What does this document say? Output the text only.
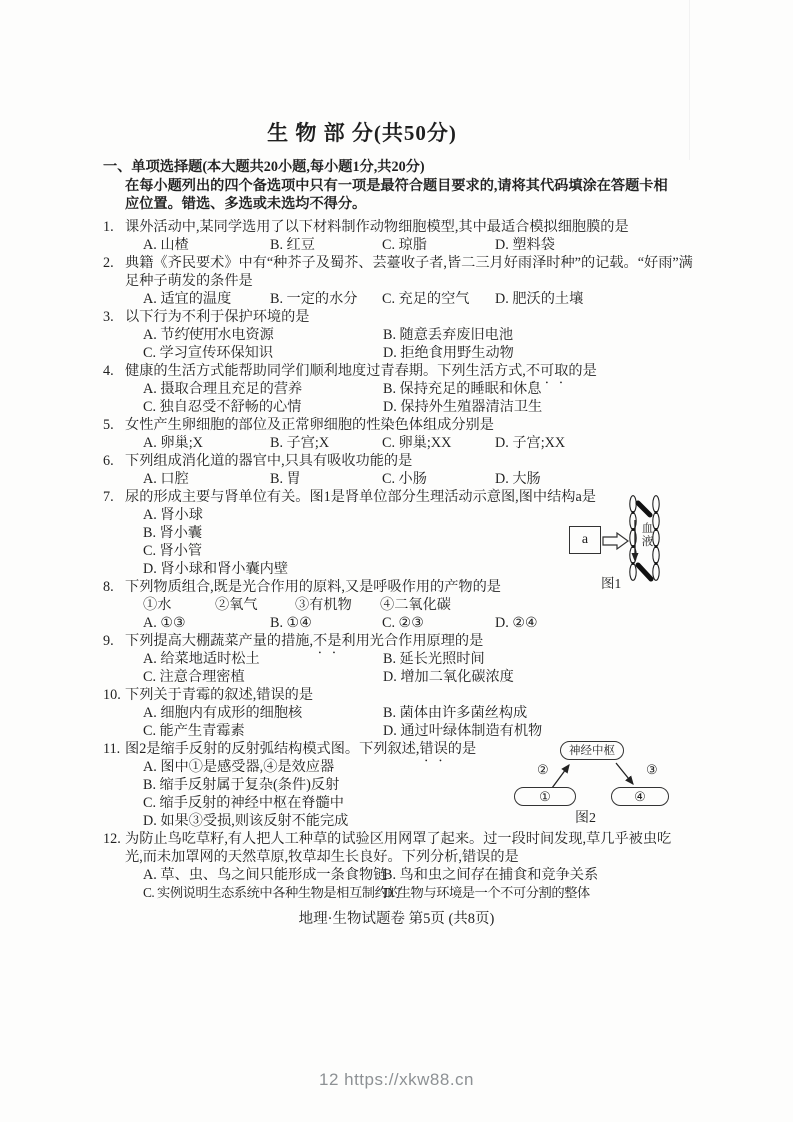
生 物 部 分(共50分)
一、单项选择题(本大题共20小题,每小题1分,共20分)
在每小题列出的四个备选项中只有一项是最符合题目要求的,请将其代码填涂在答题卡相
应位置。错选、多选或未选均不得分。
1. 课外活动中,某同学选用了以下材料制作动物细胞模型,其中最适合模拟细胞膜的是
A. 山楂	B. 红豆	C. 琼脂	D. 塑料袋
2. 典籍《齐民要术》中有“种芥子及蜀芥、芸薹收子者,皆二三月好雨泽时种”的记载。“好雨”满
足种子萌发的条件是
A. 适宜的温度	B. 一定的水分 C. 充足的空气 D. 肥沃的土壤
3. 以下行为不利于保护环境的是
A. 节约使用水电资源	B. 随意丢弃废旧电池
C. 学习宣传环保知识	D. 拒绝食用野生动物
4. 健康的生活方式能帮助同学们顺利地度过青春期。下列生活方式,不可取的是
A. 摄取合理且充足的营养	B. 保持充足的睡眠和休息
C. 独自忍受不舒畅的心情	D. 保持外生殖器清洁卫生
5. 女性产生卵细胞的部位及正常卵细胞的性染色体组成分别是
A. 卵巢;X	B. 子宫;X	C. 卵巢;XX	D. 子宫;XX
6. 下列组成消化道的器官中,只具有吸收功能的是
A. 口腔	B. 胃	C. 小肠	D. 大肠
7. 尿的形成主要与肾单位有关。图1是肾单位部分生理活动示意图,图中结构a是
A. 肾小球
B. 肾小囊
C. 肾小管
D. 肾小球和肾小囊内壁
8. 下列物质组合,既是光合作用的原料,又是呼吸作用的产物的是
①水	②氧气	③有机物 ④二氧化碳
A. ①③	B. ①④	C. ②③	D. ②④
9. 下列提高大棚蔬菜产量的措施,不是利用光合作用原理的是
A. 给菜地适时松土	B. 延长光照时间
C. 注意合理密植	D. 增加二氧化碳浓度
10. 下列关于青霉的叙述,错误的是
A. 细胞内有成形的细胞核	B. 菌体由许多菌丝构成
C. 能产生青霉素	D. 通过叶绿体制造有机物
11. 图2是缩手反射的反射弧结构模式图。下列叙述,错误的是
A. 图中①是感受器,④是效应器
B. 缩手反射属于复杂(条件)反射
C. 缩手反射的神经中枢在脊髓中
D. 如果③受损,则该反射不能完成
12. 为防止鸟吃草籽,有人把人工种草的试验区用网罩了起来。过一段时间发现,草几乎被虫吃
光,而未加罩网的天然草原,牧草却生长良好。下列分析,错误的是
A. 草、虫、鸟之间只能形成一条食物链
B. 鸟和虫之间存在捕食和竞争关系
C. 实例说明生态系统中各种生物是相互制约的
D. 生物与环境是一个不可分割的整体
a
血液
图1
神经中枢
②	③
①	④
图2
地理·生物试题卷 第5页 (共8页)
12 https://xkw88.cn
